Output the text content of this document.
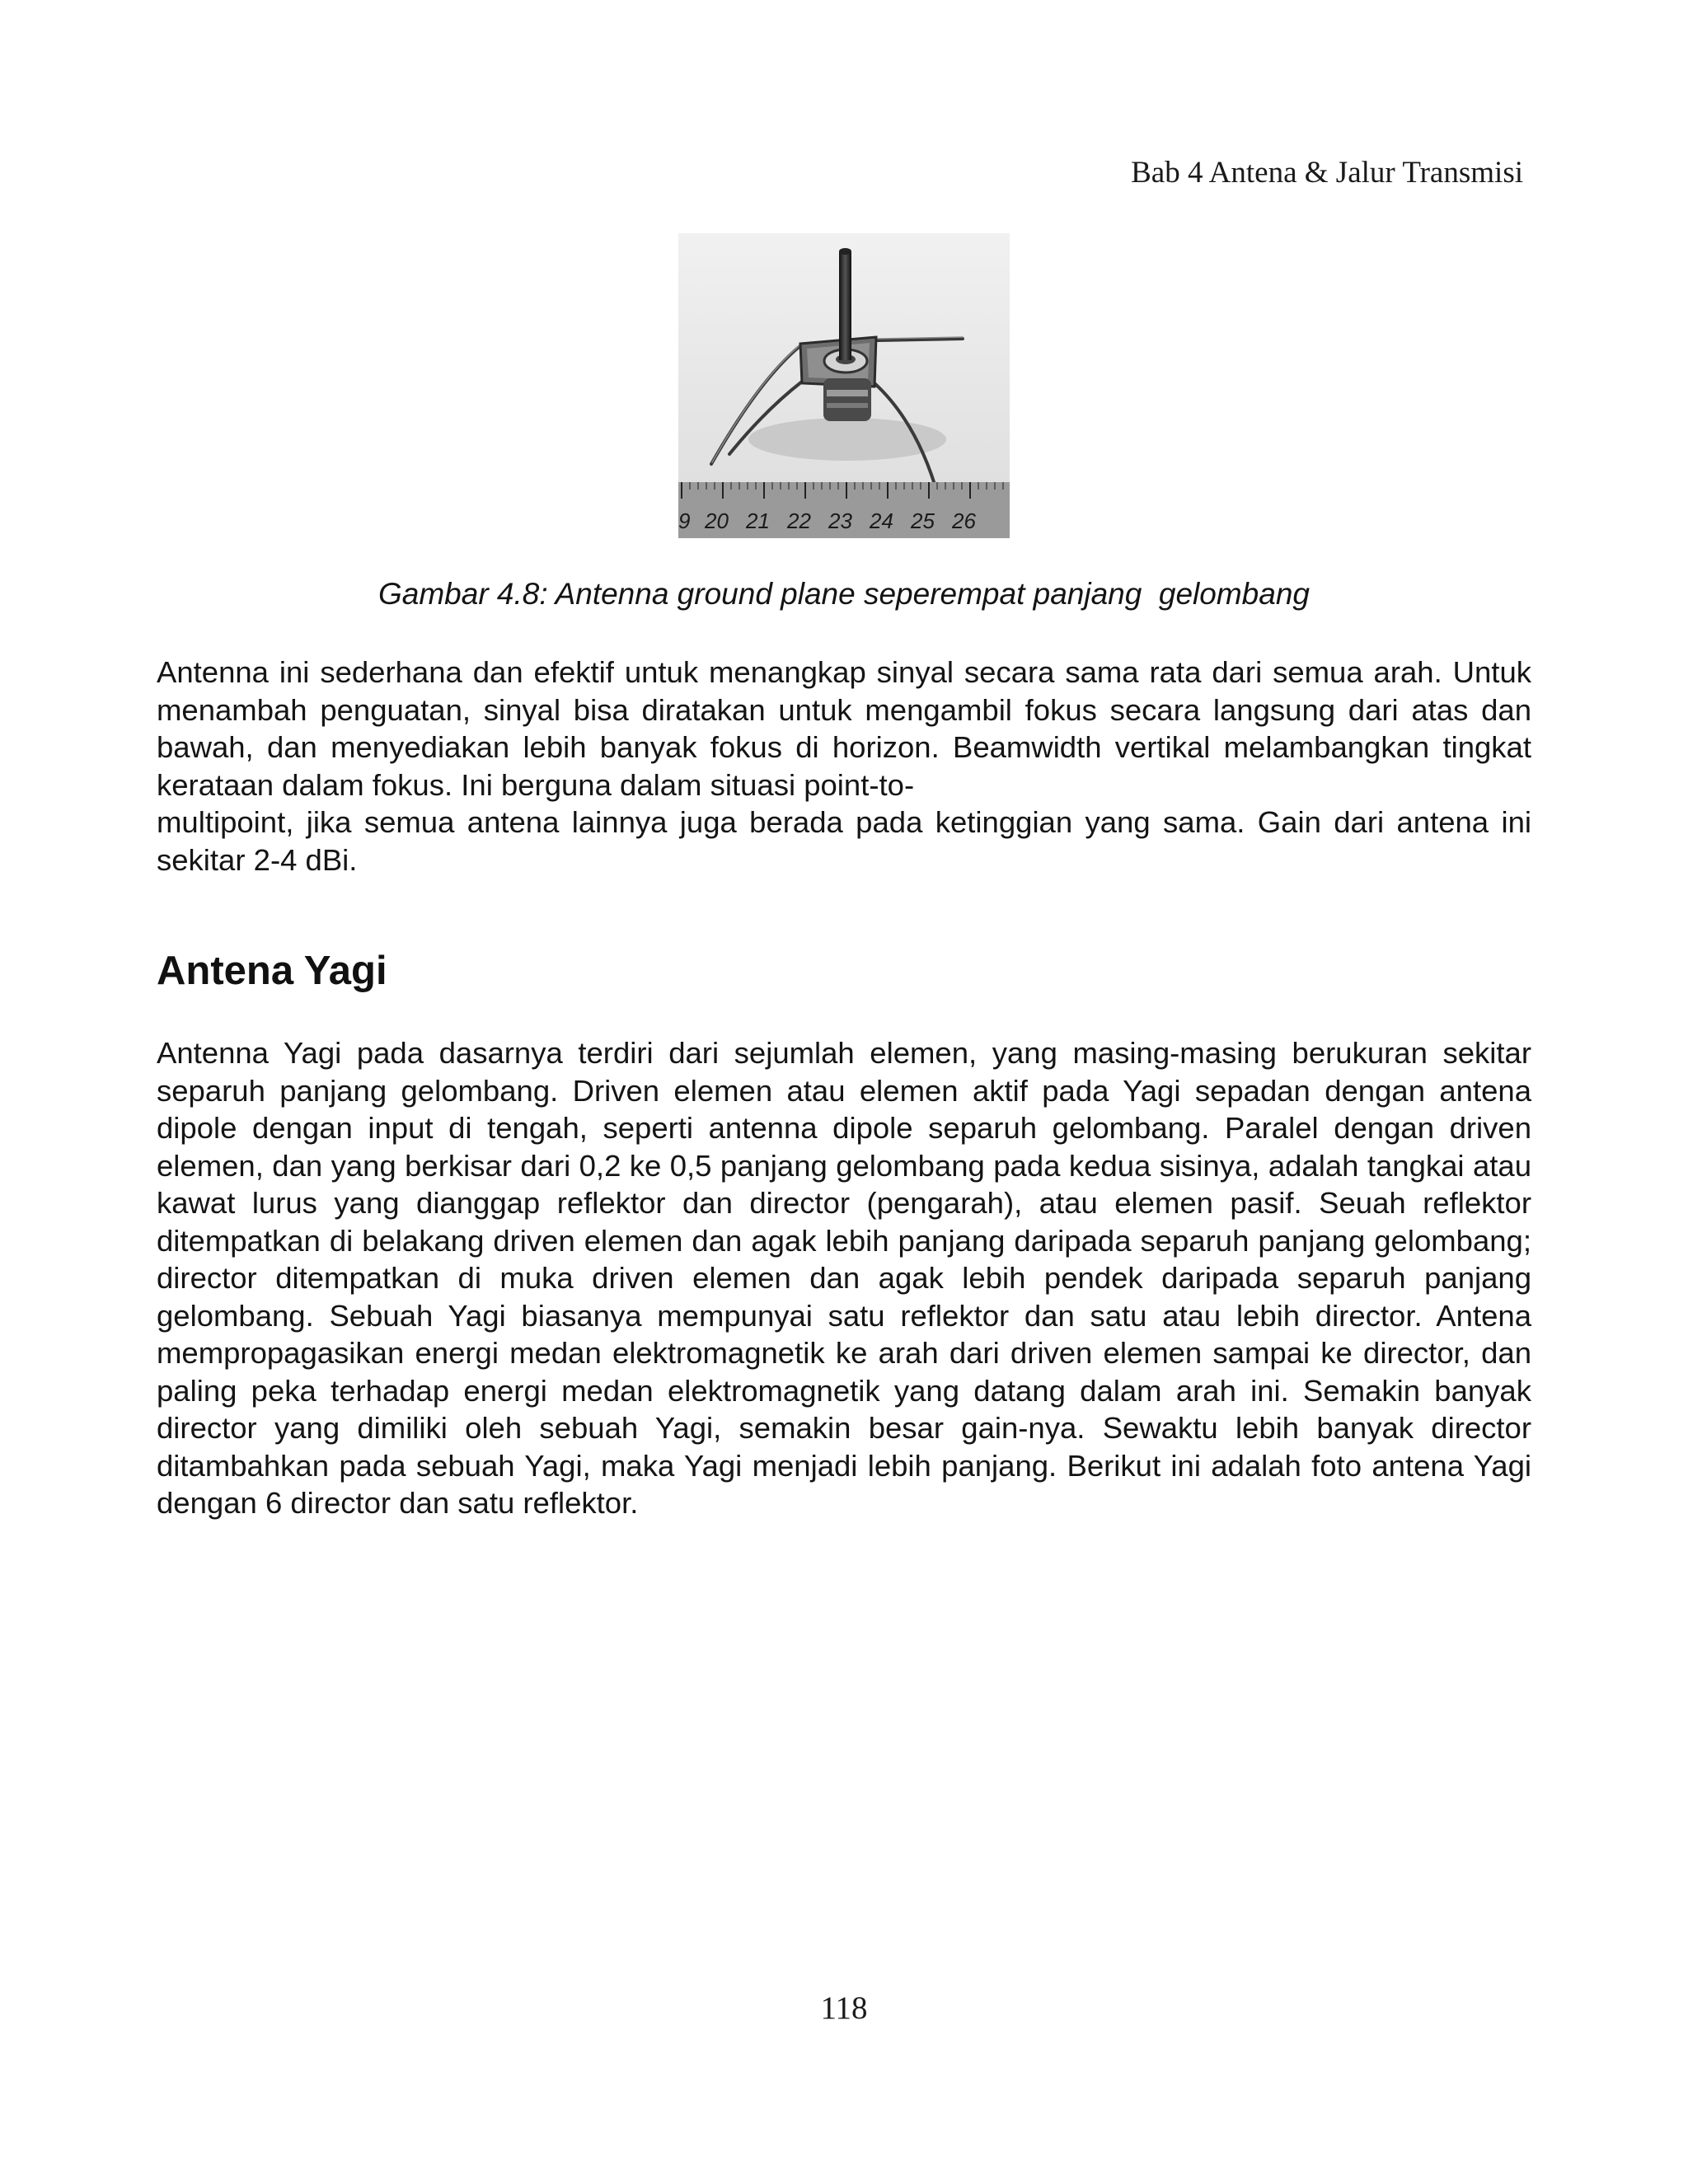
Bab 4 Antena & Jalur Transmisi
9 20 21 22 23 24 25 26
Gambar 4.8: Antenna ground plane seperempat panjang  gelombang

Antenna ini sederhana dan efektif untuk menangkap sinyal secara sama rata dari semua arah. Untuk menambah penguatan, sinyal bisa diratakan untuk mengambil fokus secara langsung dari atas dan bawah, dan menyediakan lebih banyak fokus di horizon. Beamwidth vertikal melambangkan tingkat kerataan dalam fokus. Ini berguna dalam situasi point-to-
multipoint, jika semua antena lainnya juga berada pada ketinggian yang sama. Gain dari antena ini sekitar 2-4 dBi.

Antena Yagi

Antenna Yagi pada dasarnya terdiri dari sejumlah elemen, yang masing-masing berukuran sekitar separuh panjang gelombang. Driven elemen atau elemen aktif pada Yagi sepadan dengan antena dipole dengan input di tengah, seperti antenna dipole separuh gelombang. Paralel dengan driven elemen, dan yang berkisar dari 0,2 ke 0,5 panjang gelombang pada kedua sisinya, adalah tangkai atau kawat lurus yang dianggap reflektor dan director (pengarah), atau elemen pasif. Seuah reflektor ditempatkan di belakang driven elemen dan agak lebih panjang daripada separuh panjang gelombang; director ditempatkan di muka driven elemen dan agak lebih pendek daripada separuh panjang gelombang. Sebuah Yagi biasanya mempunyai satu reflektor dan satu atau lebih director. Antena mempropagasikan energi medan elektromagnetik ke arah dari driven elemen sampai ke director, dan paling peka terhadap energi medan elektromagnetik yang datang dalam arah ini. Semakin banyak director yang dimiliki oleh sebuah Yagi, semakin besar gain-nya. Sewaktu lebih banyak director ditambahkan pada sebuah Yagi, maka Yagi menjadi lebih panjang. Berikut ini adalah foto antena Yagi dengan 6 director dan satu reflektor.

118
